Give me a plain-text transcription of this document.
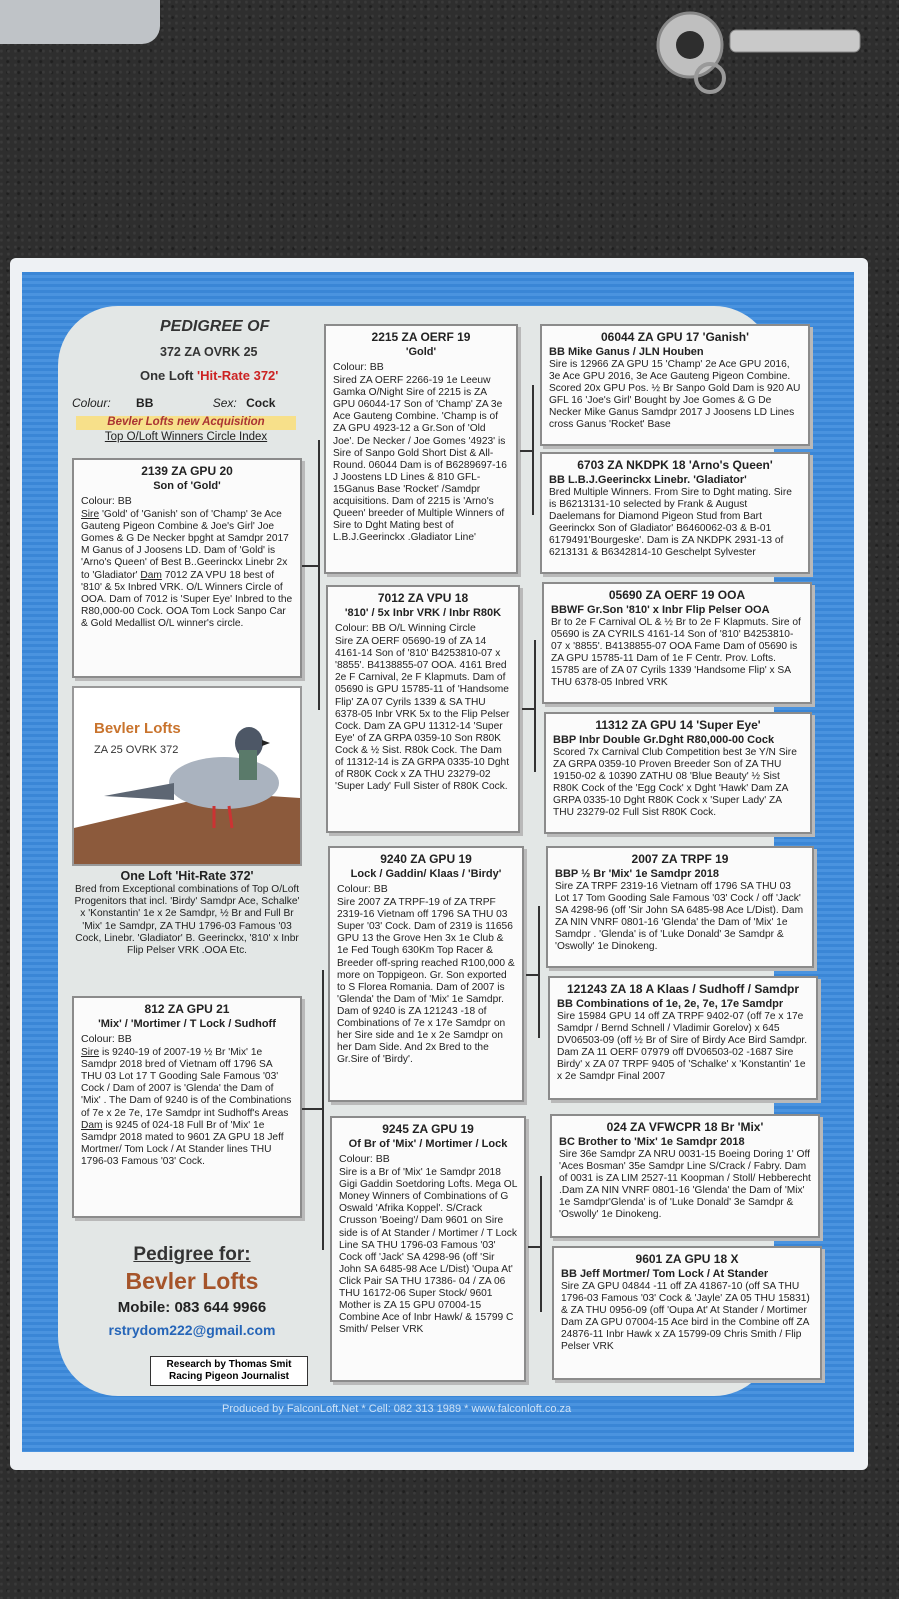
PEDIGREE OF
372 ZA OVRK 25
One Loft 'Hit-Rate 372'
Colour: BB	Sex: Cock
Bevler Lofts new Acquisition
Top O/Loft Winners Circle Index
2139 ZA GPU 20
Son of 'Gold'
Colour: BB
Sire 'Gold' of 'Ganish' son of 'Champ' 3e Ace Gauteng Pigeon Combine & Joe's Girl' Joe Gomes & G De Necker bpght at Samdpr 2017 M Ganus of J Joosens LD. Dam of 'Gold' is 'Arno's Queen' of Best B..Geerinckx Linebr 2x to 'Gladiator' Dam 7012 ZA VPU 18 best of '810' & 5x Inbred VRK. O/L Winners Circle of OOA. Dam of 7012 is 'Super Eye' Inbred to the R80,000-00 Cock. OOA Tom Lock Sanpo Car & Gold Medallist O/L winner's circle.
Bevler Lofts
ZA 25 OVRK 372
One Loft 'Hit-Rate 372'
Bred from Exceptional combinations of Top O/Loft Progenitors that incl. 'Birdy' Samdpr Ace, Schalke' x 'Konstantin' 1e x 2e Samdpr, ½ Br and Full Br 'Mix' 1e Samdpr, ZA THU 1796-03 Famous '03 Cock, Linebr. 'Gladiator' B. Geerinckx, '810' x Inbr Flip Pelser VRK .OOA Etc.
812 ZA GPU 21
'Mix' / 'Mortimer / T Lock / Sudhoff
Colour: BB
Sire is 9240-19 of 2007-19 ½ Br 'Mix' 1e Samdpr 2018 bred of Vietnam off 1796 SA THU 03 Lot 17 T Gooding Sale Famous '03' Cock / Dam of 2007 is 'Glenda' the Dam of 'Mix' . The Dam of 9240 is of the Combinations of 7e x 2e 7e, 17e Samdpr int Sudhoff's Areas Dam is 9245 of 024-18 Full Br of 'Mix' 1e Samdpr 2018 mated to 9601 ZA GPU 18 Jeff Mortmer/ Tom Lock / At Stander lines THU 1796-03 Famous '03' Cock.
2215 ZA OERF 19
'Gold'
Colour: BB
Sired ZA OERF 2266-19 1e Leeuw Gamka O/Night Sire of 2215 is ZA GPU 06044-17 Son of 'Champ' ZA 3e Ace Gauteng Combine. 'Champ is of ZA GPU 4923-12 a Gr.Son of 'Old Joe'. De Necker / Joe Gomes '4923' is Sire of Sanpo Gold Short Dist & All-Round. 06044 Dam is of B6289697-16 J Joostens LD Lines & 810 GFL-15Ganus Base 'Rocket' /Samdpr acquisitions. Dam of 2215 is 'Arno's Queen' breeder of Multiple Winners of Sire to Dght Mating best of L.B.J.Geerinckx .Gladiator Line'
7012 ZA VPU 18
'810' / 5x Inbr VRK / Inbr R80K
Colour: BB O/L Winning Circle
Sire ZA OERF 05690-19 of ZA 14 4161-14 Son of '810' B4253810-07 x '8855'. B4138855-07 OOA. 4161 Bred 2e F Carnival, 2e F Klapmuts. Dam of 05690 is GPU 15785-11 of 'Handsome Flip' ZA 07 Cyrils 1339 & SA THU 6378-05 Inbr VRK 5x to the Flip Pelser Cock. Dam ZA GPU 11312-14 'Super Eye' of ZA GRPA 0359-10 Son R80K Cock & ½ Sist. R80k Cock. The Dam of 11312-14 is ZA GRPA 0335-10 Dght of R80K Cock x ZA THU 23279-02 'Super Lady' Full Sister of R80K Cock.
9240 ZA GPU 19
Lock / Gaddin/ Klaas / 'Birdy'
Colour: BB
Sire 2007 ZA TRPF-19 of ZA TRPF 2319-16 Vietnam off 1796 SA THU 03 Super '03' Cock. Dam of 2319 is 11656 GPU 13 the Grove Hen 3x 1e Club & 1e Fed Tough 630Km Top Racer & Breeder off-spring reached R100,000 & more on Toppigeon. Gr. Son exported to S Florea Romania. Dam of 2007 is 'Glenda' the Dam of 'Mix' 1e Samdpr. Dam of 9240 is ZA 121243 -18 of Combinations of 7e x 17e Samdpr on her Sire side and 1e x 2e Samdpr on her Dam Side. And 2x Bred to the Gr.Sire of 'Birdy'.
9245 ZA GPU 19
Of Br of 'Mix' / Mortimer / Lock
Colour: BB
Sire is a Br of 'Mix' 1e Samdpr 2018 Gigi Gaddin Soetdoring Lofts. Mega OL Money Winners of Combinations of G Oswald 'Afrika Koppel'. S/Crack Crusson 'Boeing'/ Dam 9601 on Sire side is of At Stander / Mortimer / T Lock Line SA THU 1796-03 Famous '03' Cock off 'Jack' SA 4298-96 (off 'Sir John SA 6485-98 Ace L/Dist) 'Oupa At' Click Pair SA THU 17386- 04 / ZA 06 THU 16172-06 Super Stock/ 9601 Mother is ZA 15 GPU 07004-15 Combine Ace of Inbr Hawk/ & 15799 C Smith/ Pelser VRK
06044 ZA GPU 17 'Ganish'
BB Mike Ganus / JLN Houben
Sire is 12966 ZA GPU 15 'Champ' 2e Ace GPU 2016, 3e Ace GPU 2016, 3e Ace Gauteng Pigeon Combine. Scored 20x GPU Pos. ½ Br Sanpo Gold Dam is 920 AU GFL 16 'Joe's Girl' Bought by Joe Gomes & G De Necker Mike Ganus Samdpr 2017 J Joosens LD Lines cross Ganus 'Rocket' Base
6703 ZA NKDPK 18 'Arno's Queen'
BB L.B.J.Geerinckx Linebr. 'Gladiator'
Bred Multiple Winners. From Sire to Dght mating. Sire is B6213131-10 selected by Frank & August Daelemans for Diamond Pigeon Stud from Bart Geerinckx Son of Gladiator' B6460062-03 & B-01 6179491'Bourgeske'. Dam is ZA NKDPK 2931-13 of 6213131 & B6342814-10 Geschelpt Sylvester
05690 ZA OERF 19 OOA
BBWF Gr.Son '810' x Inbr Flip Pelser OOA
Br to 2e F Carnival OL & ½ Br to 2e F Klapmuts. Sire of 05690 is ZA CYRILS 4161-14 Son of '810' B4253810-07 x '8855'. B4138855-07 OOA Fame Dam of 05690 is ZA GPU 15785-11 Dam of 1e F Centr. Prov. Lofts. 15785 are of ZA 07 Cyrils 1339 'Handsome Flip' x SA THU 6378-05 Inbred VRK
11312 ZA GPU 14 'Super Eye'
BBP Inbr Double Gr.Dght R80,000-00 Cock
Scored 7x Carnival Club Competition best 3e Y/N Sire ZA GRPA 0359-10 Proven Breeder Son of ZA THU 19150-02 & 10390 ZATHU 08 'Blue Beauty' ½ Sist R80K Cock of the 'Egg Cock' x Dght 'Hawk' Dam ZA GRPA 0335-10 Dght R80K Cock x 'Super Lady' ZA THU 23279-02 Full Sist R80K Cock.
2007 ZA TRPF 19
BBP ½ Br 'Mix' 1e Samdpr 2018
Sire ZA TRPF 2319-16 Vietnam off 1796 SA THU 03 Lot 17 Tom Gooding Sale Famous '03' Cock / off 'Jack' SA 4298-96 (off 'Sir John SA 6485-98 Ace L/Dist). Dam ZA NIN VNRF 0801-16 'Glenda' the Dam of 'Mix' 1e Samdpr . 'Glenda' is of 'Luke Donald' 3e Samdpr & 'Oswolly' 1e Dinokeng.
121243 ZA 18 A Klaas / Sudhoff / Samdpr
BB Combinations of 1e, 2e, 7e, 17e Samdpr
Sire 15984 GPU 14 off ZA TRPF 9402-07 (off 7e x 17e Samdpr / Bernd Schnell / Vladimir Gorelov) x 645 DV06503-09 (off ½ Br of Sire of Birdy Ace Bird Samdpr. Dam ZA 11 OERF 07979 off DV06503-02 -1687 Sire Birdy' x ZA 07 TRPF 9405 of 'Schalke' x 'Konstantin' 1e x 2e Samdpr Final 2007
024 ZA VFWCPR 18 Br 'Mix'
BC Brother to 'Mix' 1e Samdpr 2018
Sire 36e Samdpr ZA NRU 0031-15 Boeing Doring 1' Off 'Aces Bosman' 35e Samdpr Line S/Crack / Fabry. Dam of 0031 is ZA LIM 2527-11 Koopman / Stoll/ Hebberecht .Dam ZA NIN VNRF 0801-16 'Glenda' the Dam of 'Mix' 1e Samdpr'Glenda' is of 'Luke Donald' 3e Samdpr & 'Oswolly' 1e Dinokeng.
9601 ZA GPU 18 X
BB Jeff Mortmer/ Tom Lock / At Stander
Sire ZA GPU 04844 -11 off ZA 41867-10 (off SA THU 1796-03 Famous '03' Cock & 'Jayle' ZA 05 THU 15831) & ZA THU 0956-09 (off 'Oupa At' At Stander / Mortimer Dam ZA GPU 07004-15 Ace bird in the Combine off ZA 24876-11 Inbr Hawk x ZA 15799-09 Chris Smith / Flip Pelser VRK
Pedigree for:
Bevler Lofts
Mobile: 083 644 9966
rstrydom222@gmail.com
Research by Thomas Smit Racing Pigeon Journalist
Produced by FalconLoft.Net * Cell: 082 313 1989 * www.falconloft.co.za
